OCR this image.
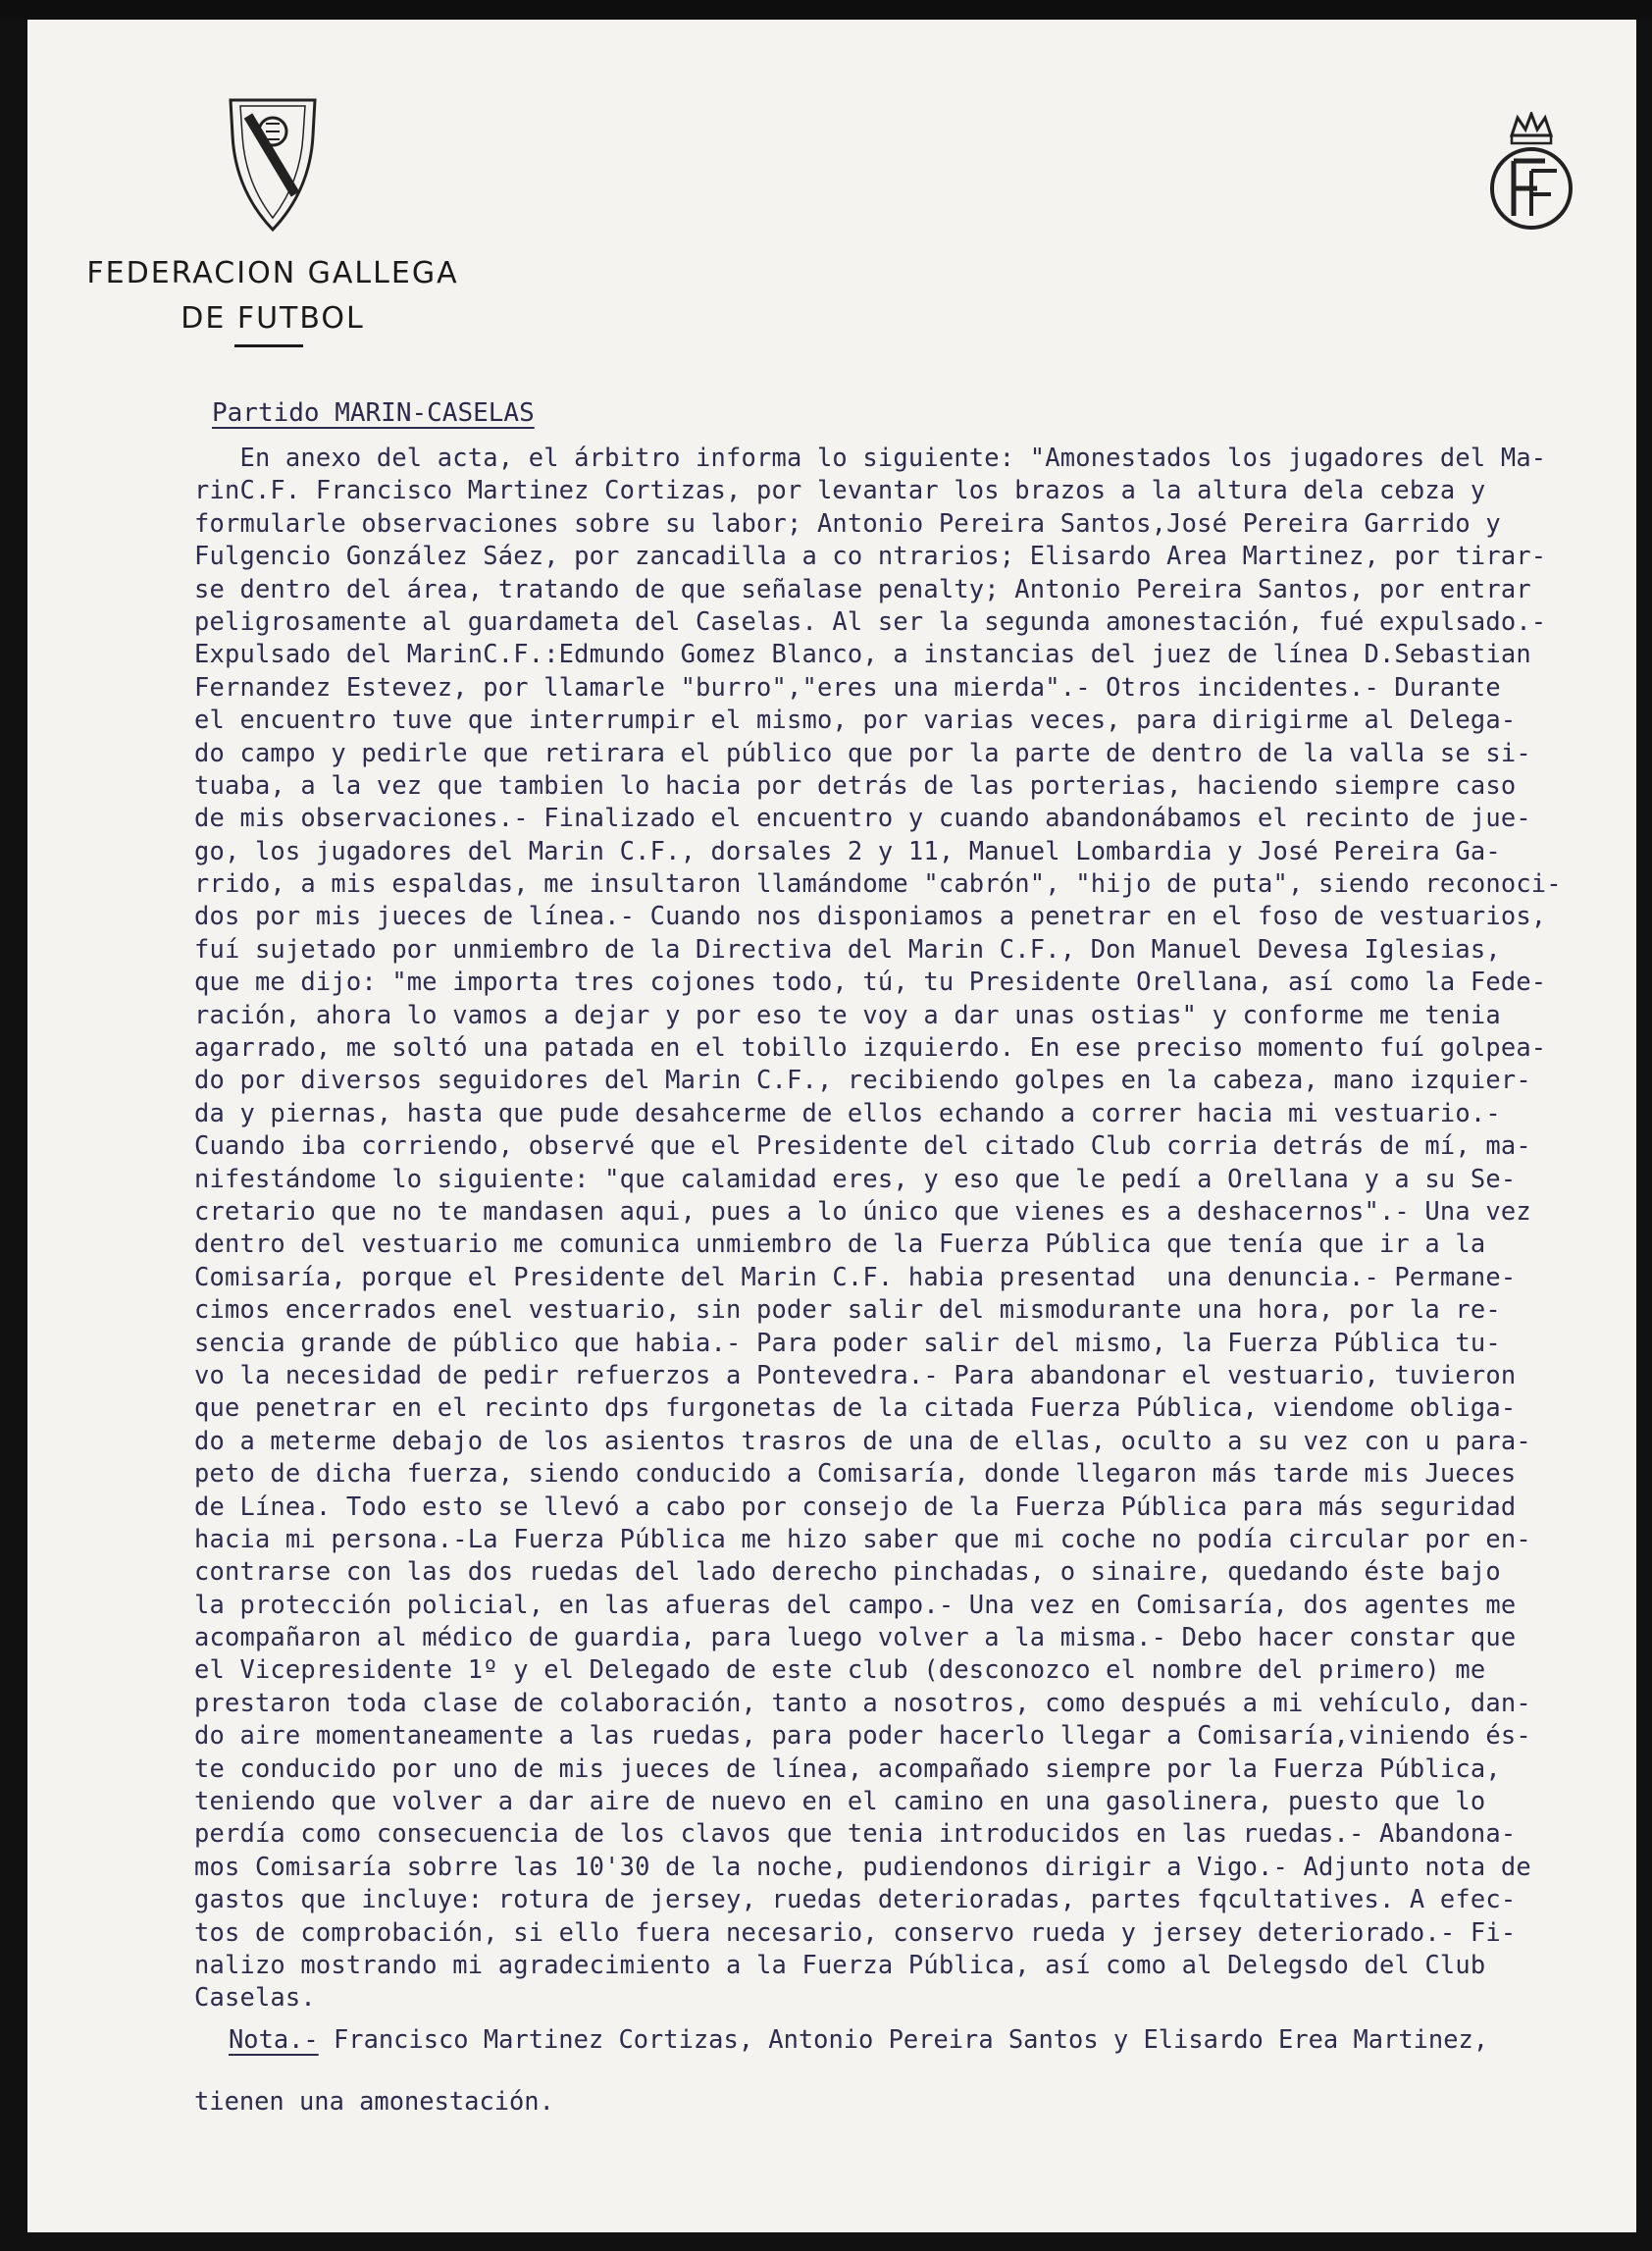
FEDERACION GALLEGA
DE FUTBOL
Partido MARIN-CASELAS
En anexo del acta, el árbitro informa lo siguiente: "Amonestados los jugadores del Ma-
rinC.F. Francisco Martinez Cortizas, por levantar los brazos a la altura dela cebza y
formularle observaciones sobre su labor; Antonio Pereira Santos,José Pereira Garrido y
Fulgencio González Sáez, por zancadilla a co ntrarios; Elisardo Area Martinez, por tirar-
se dentro del área, tratando de que señalase penalty; Antonio Pereira Santos, por entrar
peligrosamente al guardameta del Caselas. Al ser la segunda amonestación, fué expulsado.-
Expulsado del MarinC.F.:Edmundo Gomez Blanco, a instancias del juez de línea D.Sebastian
Fernandez Estevez, por llamarle "burro","eres una mierda".- Otros incidentes.- Durante
el encuentro tuve que interrumpir el mismo, por varias veces, para dirigirme al Delega-
do campo y pedirle que retirara el público que por la parte de dentro de la valla se si-
tuaba, a la vez que tambien lo hacia por detrás de las porterias, haciendo siempre caso
de mis observaciones.- Finalizado el encuentro y cuando abandonábamos el recinto de jue-
go, los jugadores del Marin C.F., dorsales 2 y 11, Manuel Lombardia y José Pereira Ga-
rrido, a mis espaldas, me insultaron llamándome "cabrón", "hijo de puta", siendo reconoci-
dos por mis jueces de línea.- Cuando nos disponiamos a penetrar en el foso de vestuarios,
fuí sujetado por unmiembro de la Directiva del Marin C.F., Don Manuel Devesa Iglesias,
que me dijo: "me importa tres cojones todo, tú, tu Presidente Orellana, así como la Fede-
ración, ahora lo vamos a dejar y por eso te voy a dar unas ostias" y conforme me tenia
agarrado, me soltó una patada en el tobillo izquierdo. En ese preciso momento fuí golpea-
do por diversos seguidores del Marin C.F., recibiendo golpes en la cabeza, mano izquier-
da y piernas, hasta que pude desahcerme de ellos echando a correr hacia mi vestuario.-
Cuando iba corriendo, observé que el Presidente del citado Club corria detrás de mí, ma-
nifestándome lo siguiente: "que calamidad eres, y eso que le pedí a Orellana y a su Se-
cretario que no te mandasen aqui, pues a lo único que vienes es a deshacernos".- Una vez
dentro del vestuario me comunica unmiembro de la Fuerza Pública que tenía que ir a la
Comisaría, porque el Presidente del Marin C.F. habia presentad  una denuncia.- Permane-
cimos encerrados enel vestuario, sin poder salir del mismodurante una hora, por la re-
sencia grande de público que habia.- Para poder salir del mismo, la Fuerza Pública tu-
vo la necesidad de pedir refuerzos a Pontevedra.- Para abandonar el vestuario, tuvieron
que penetrar en el recinto dps furgonetas de la citada Fuerza Pública, viendome obliga-
do a meterme debajo de los asientos trasros de una de ellas, oculto a su vez con u para-
peto de dicha fuerza, siendo conducido a Comisaría, donde llegaron más tarde mis Jueces
de Línea. Todo esto se llevó a cabo por consejo de la Fuerza Pública para más seguridad
hacia mi persona.-La Fuerza Pública me hizo saber que mi coche no podía circular por en-
contrarse con las dos ruedas del lado derecho pinchadas, o sinaire, quedando éste bajo
la protección policial, en las afueras del campo.- Una vez en Comisaría, dos agentes me
acompañaron al médico de guardia, para luego volver a la misma.- Debo hacer constar que
el Vicepresidente 1º y el Delegado de este club (desconozco el nombre del primero) me
prestaron toda clase de colaboración, tanto a nosotros, como después a mi vehículo, dan-
do aire momentaneamente a las ruedas, para poder hacerlo llegar a Comisaría,viniendo és-
te conducido por uno de mis jueces de línea, acompañado siempre por la Fuerza Pública,
teniendo que volver a dar aire de nuevo en el camino en una gasolinera, puesto que lo
perdía como consecuencia de los clavos que tenia introducidos en las ruedas.- Abandona-
mos Comisaría sobrre las 10'30 de la noche, pudiendonos dirigir a Vigo.- Adjunto nota de
gastos que incluye: rotura de jersey, ruedas deterioradas, partes fqcultatives. A efec-
tos de comprobación, si ello fuera necesario, conservo rueda y jersey deteriorado.- Fi-
nalizo mostrando mi agradecimiento a la Fuerza Pública, así como al Delegsdo del Club
Caselas.
Nota.- Francisco Martinez Cortizas, Antonio Pereira Santos y Elisardo Erea Martinez,
tienen una amonestación.
